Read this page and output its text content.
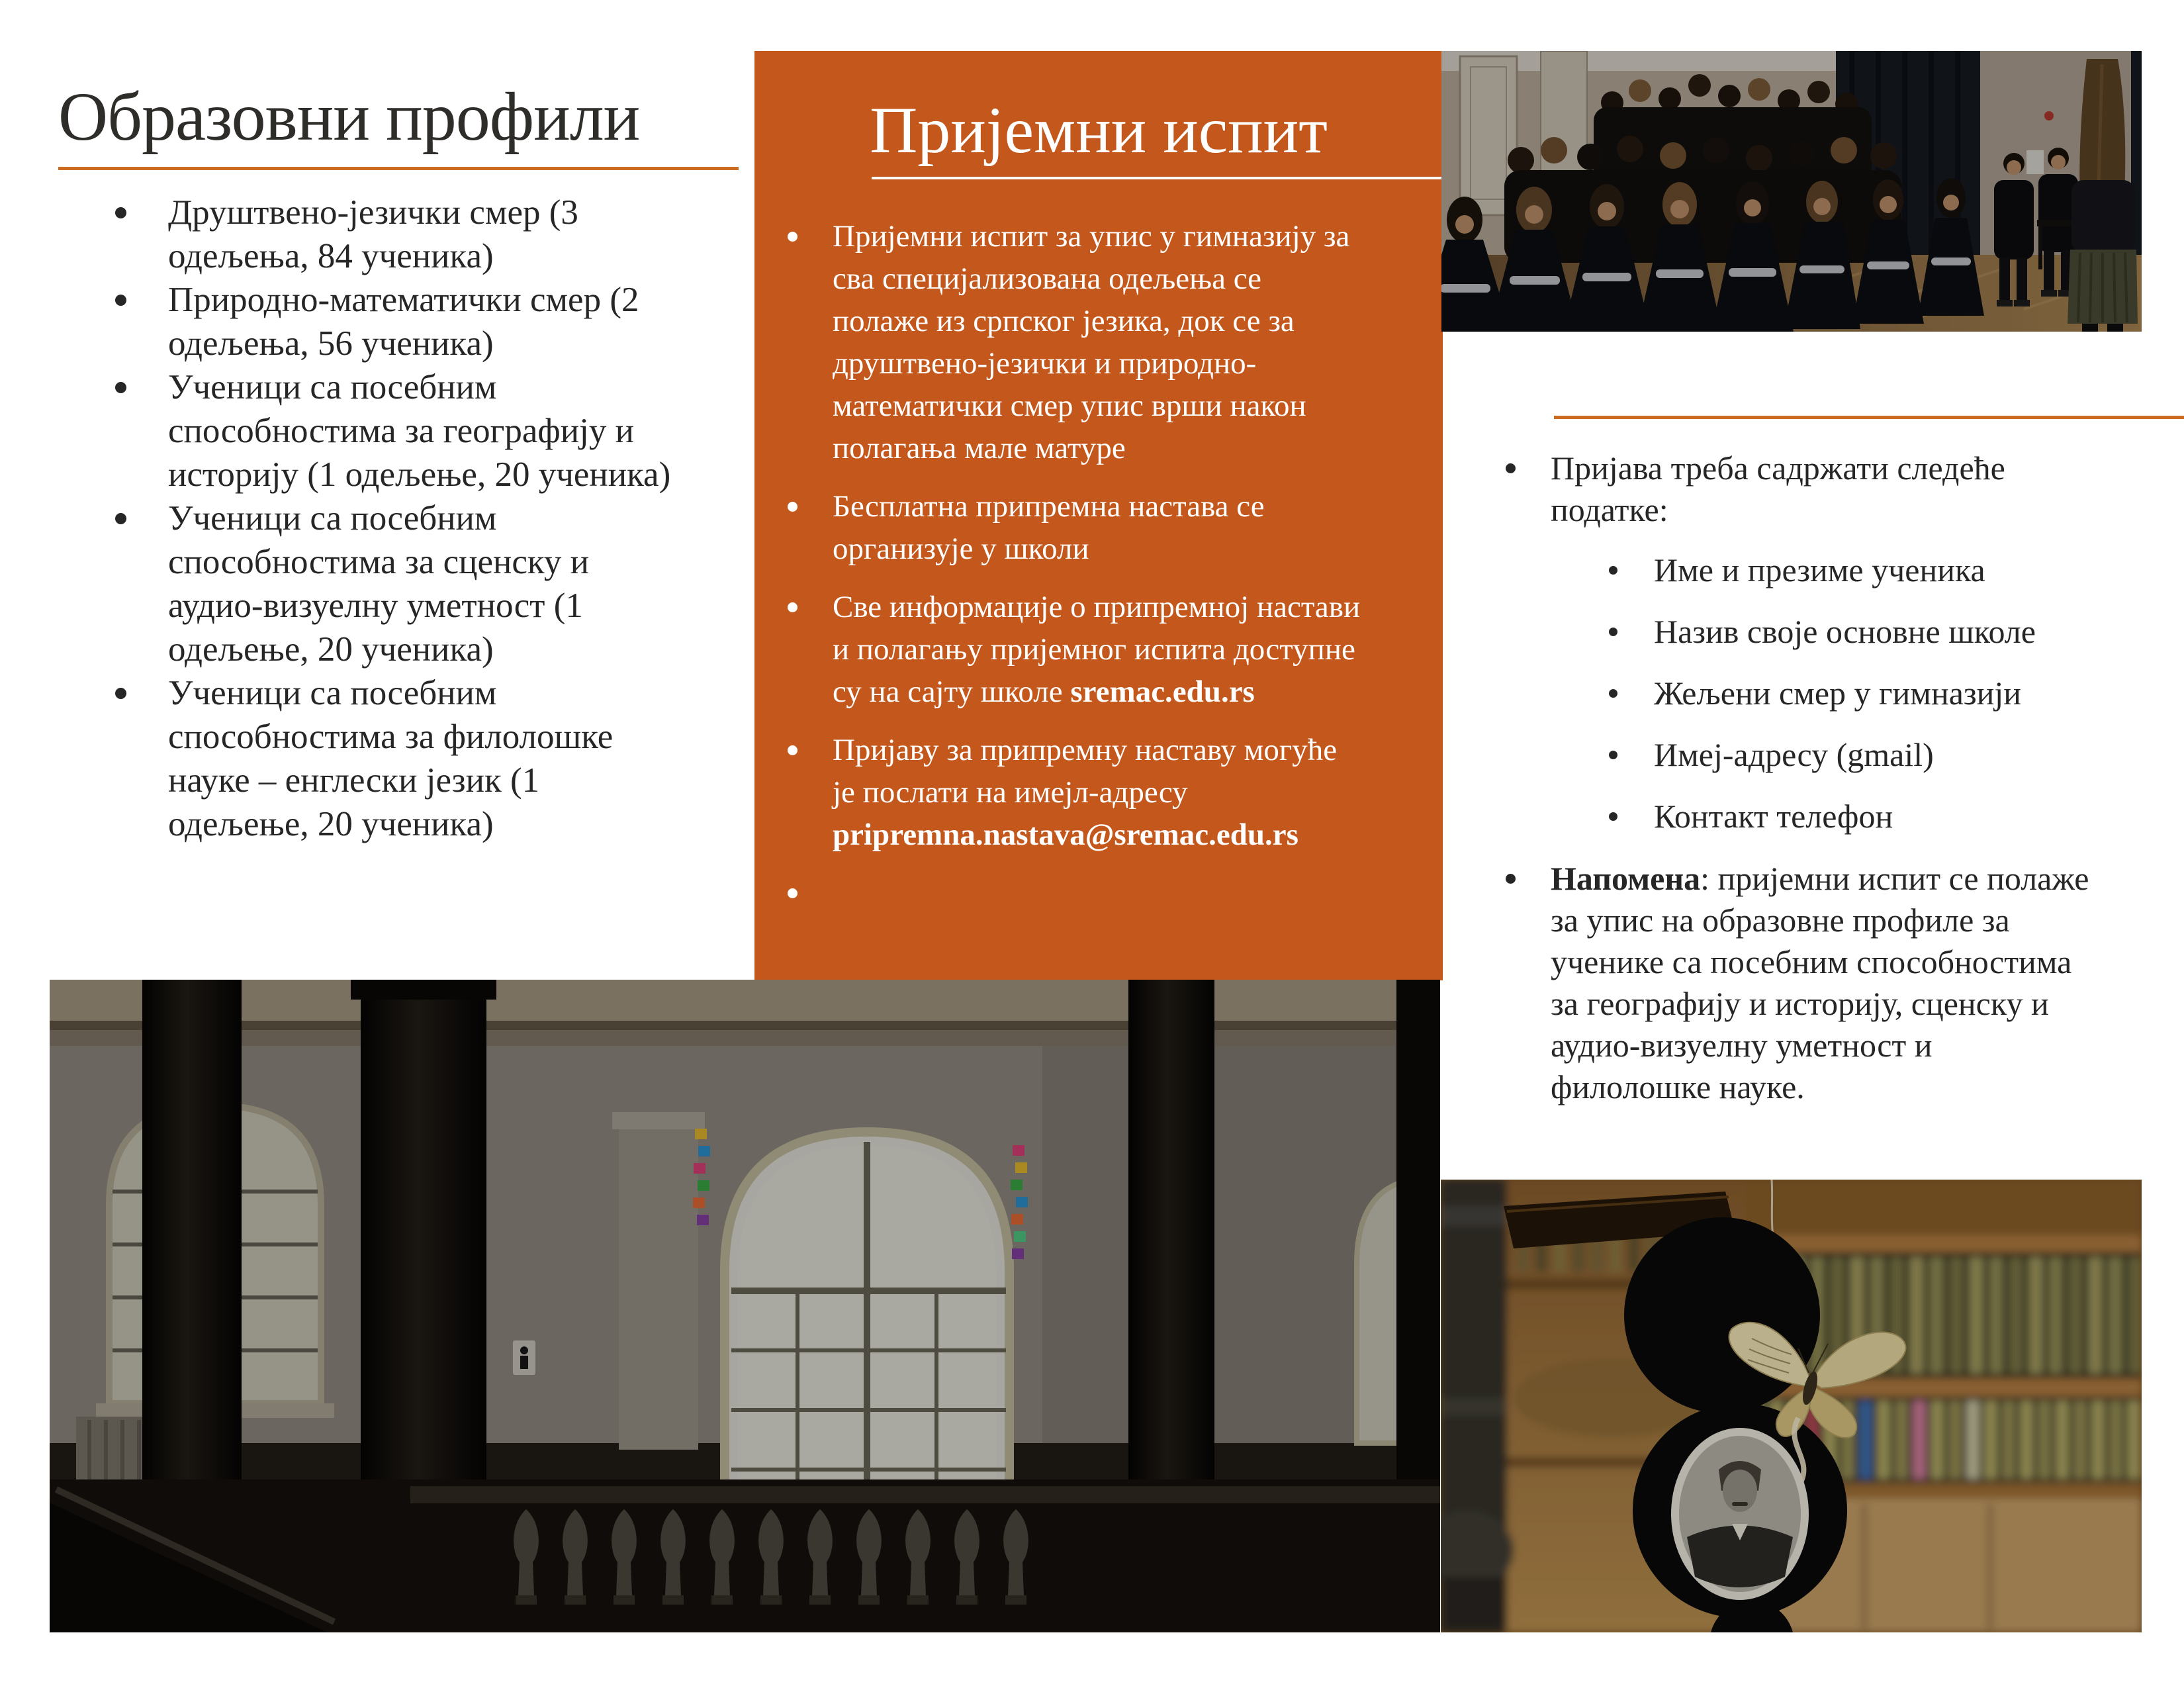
Образовни профили
Друштвено-језички смер (3 одељења, 84 ученика)
Природно-математички смер (2 одељења, 56 ученика)
Ученици са посебним способностима за географију и историју (1 одељење, 20 ученика)
Ученици са посебним способностима за сценску и аудио-визуелну уметност (1 одељење, 20 ученика)
Ученици са посебним способностима за филолошке науке – енглески језик (1 одељење, 20 ученика)
Пријемни испит
Пријемни испит за упис у гимназију за сва специјализована одељења се полаже из српског језика, док се за друштвено-језички и природно-математички смер упис врши након полагања мале матуре
Бесплатна припремна настава се организује у школи
Све информације о припремној настави и полагању пријемног испита доступне су на сајту школе sremac.edu.rs
Пријаву за припремну наставу могуће је послати на имејл-адресу pripremna.nastava@sremac.edu.rs
Пријава треба садржати следеће податке:
Име и презиме ученика
Назив своје основне школе
Жељени смер у гимназији
Имеј-адресу (gmail)
Контакт телефон
Напомена: пријемни испит се полаже за упис на образовне профиле за ученике са посебним способностима за географију и историју, сценску и аудио-визуелну уметност и филолошке науке.
